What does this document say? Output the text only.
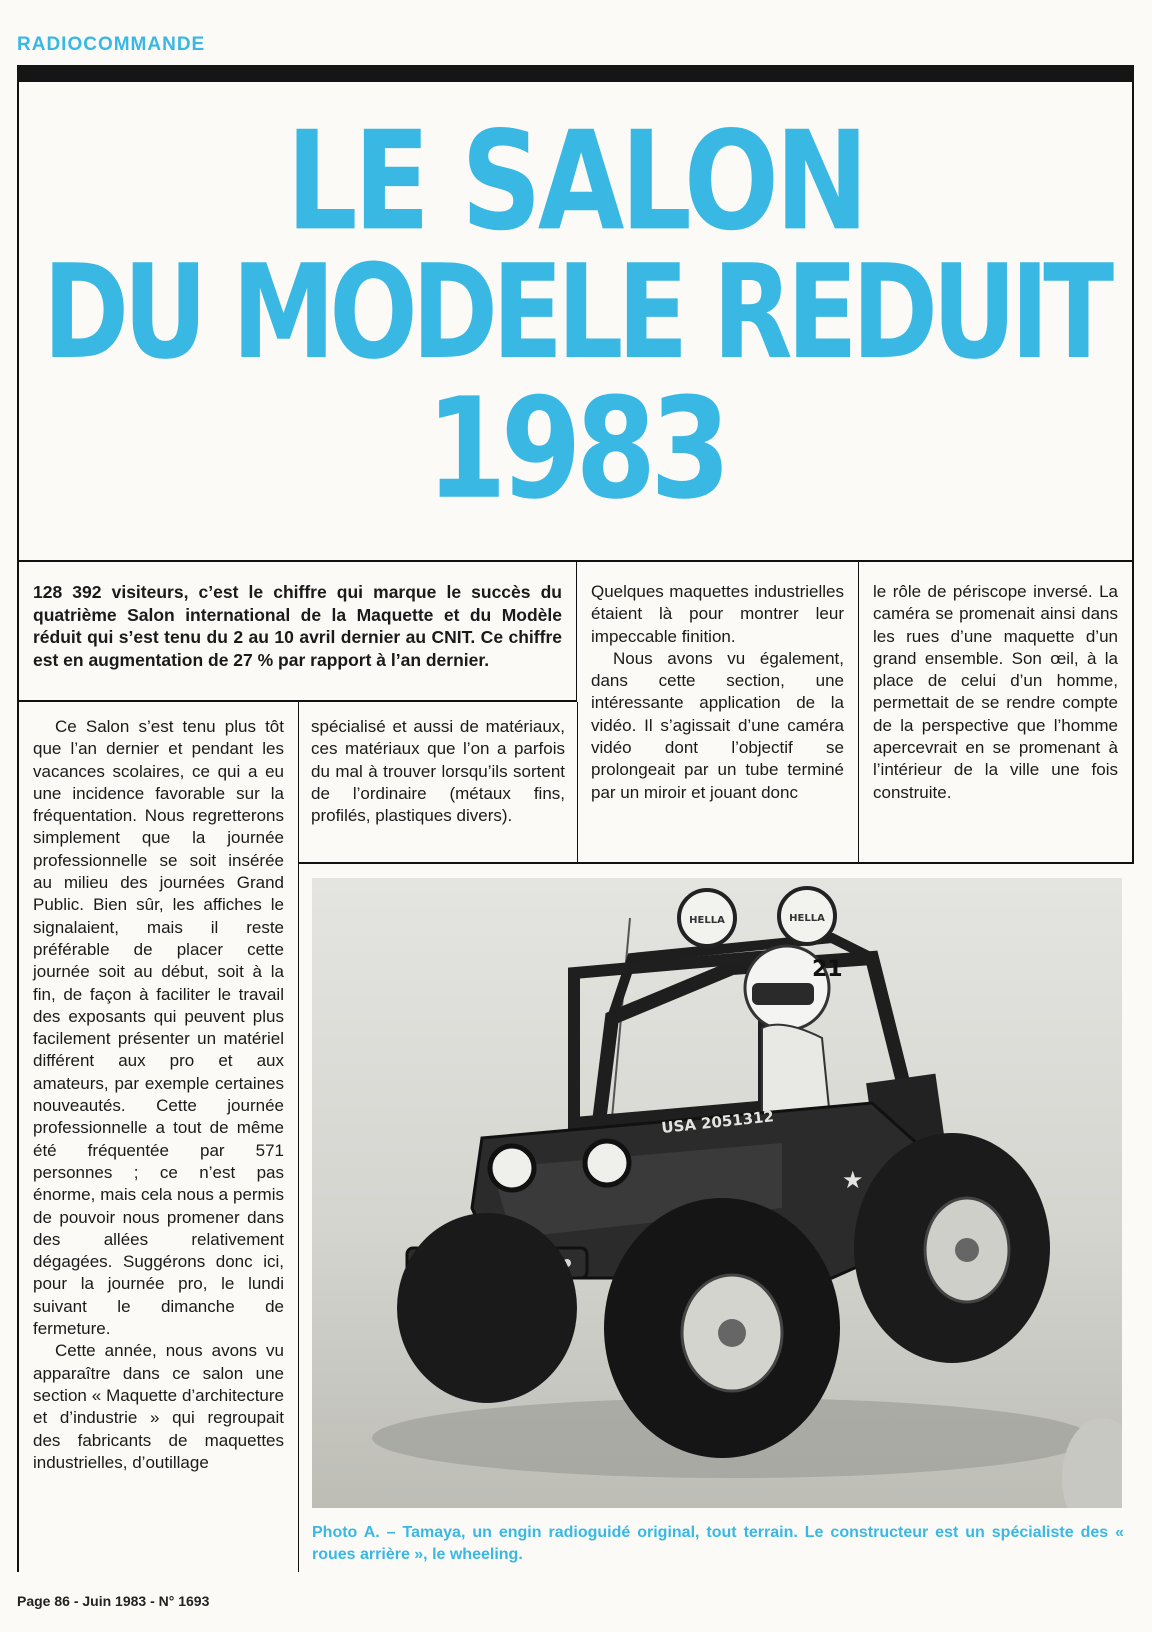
RADIOCOMMANDE
LE SALON
DU MODELE REDUIT
1983
128 392 visiteurs, c’est le chiffre qui marque le succès du quatrième Salon international de la Maquette et du Modèle réduit qui s’est tenu du 2 au 10 avril dernier au CNIT. Ce chiffre est en augmentation de 27 % par rapport à l’an dernier.

Ce Salon s’est tenu plus tôt que l’an dernier et pendant les vacances scolaires, ce qui a eu une incidence favorable sur la fréquentation. Nous regretterons simplement que la journée professionnelle se soit insérée au milieu des journées Grand Public. Bien sûr, les affiches le signalaient, mais il reste préférable de placer cette journée soit au début, soit à la fin, de façon à faciliter le travail des exposants qui peuvent plus facilement présenter un matériel différent aux pro et aux amateurs, par exemple certaines nouveautés. Cette journée professionnelle a tout de même été fréquentée par 571 personnes ; ce n’est pas énorme, mais cela nous a permis de pouvoir nous promener dans des allées relativement dégagées. Suggérons donc ici, pour la journée pro, le lundi suivant le dimanche de fermeture.

Cette année, nous avons vu apparaître dans ce salon une section « Maquette d’architecture et d’industrie » qui regroupait des fabricants de maquettes industrielles, d’outillage

spécialisé et aussi de matériaux, ces matériaux que l’on a parfois du mal à trouver lorsqu’ils sortent de l’ordinaire (métaux fins, profilés, plastiques divers).

Quelques maquettes industrielles étaient là pour montrer leur impeccable finition.

Nous avons vu également, dans cette section, une intéressante application de la vidéo. Il s’agissait d’une caméra vidéo dont l’objectif se prolongeait par un tube terminé par un miroir et jouant donc

le rôle de périscope inversé. La caméra se promenait ainsi dans les rues d’une maquette d’un grand ensemble. Son œil, à la place de celui d’un homme, permettait de se rendre compte de la perspective que l’homme apercevrait en se promenant à l’intérieur de la ville une fois construite.

HELLA	HELLA
21
USA 2051312
★
Photo A. – Tamaya, un engin radioguidé original, tout terrain. Le constructeur est un spécialiste des « roues arrière », le wheeling.
Page 86 - Juin 1983 - N° 1693
